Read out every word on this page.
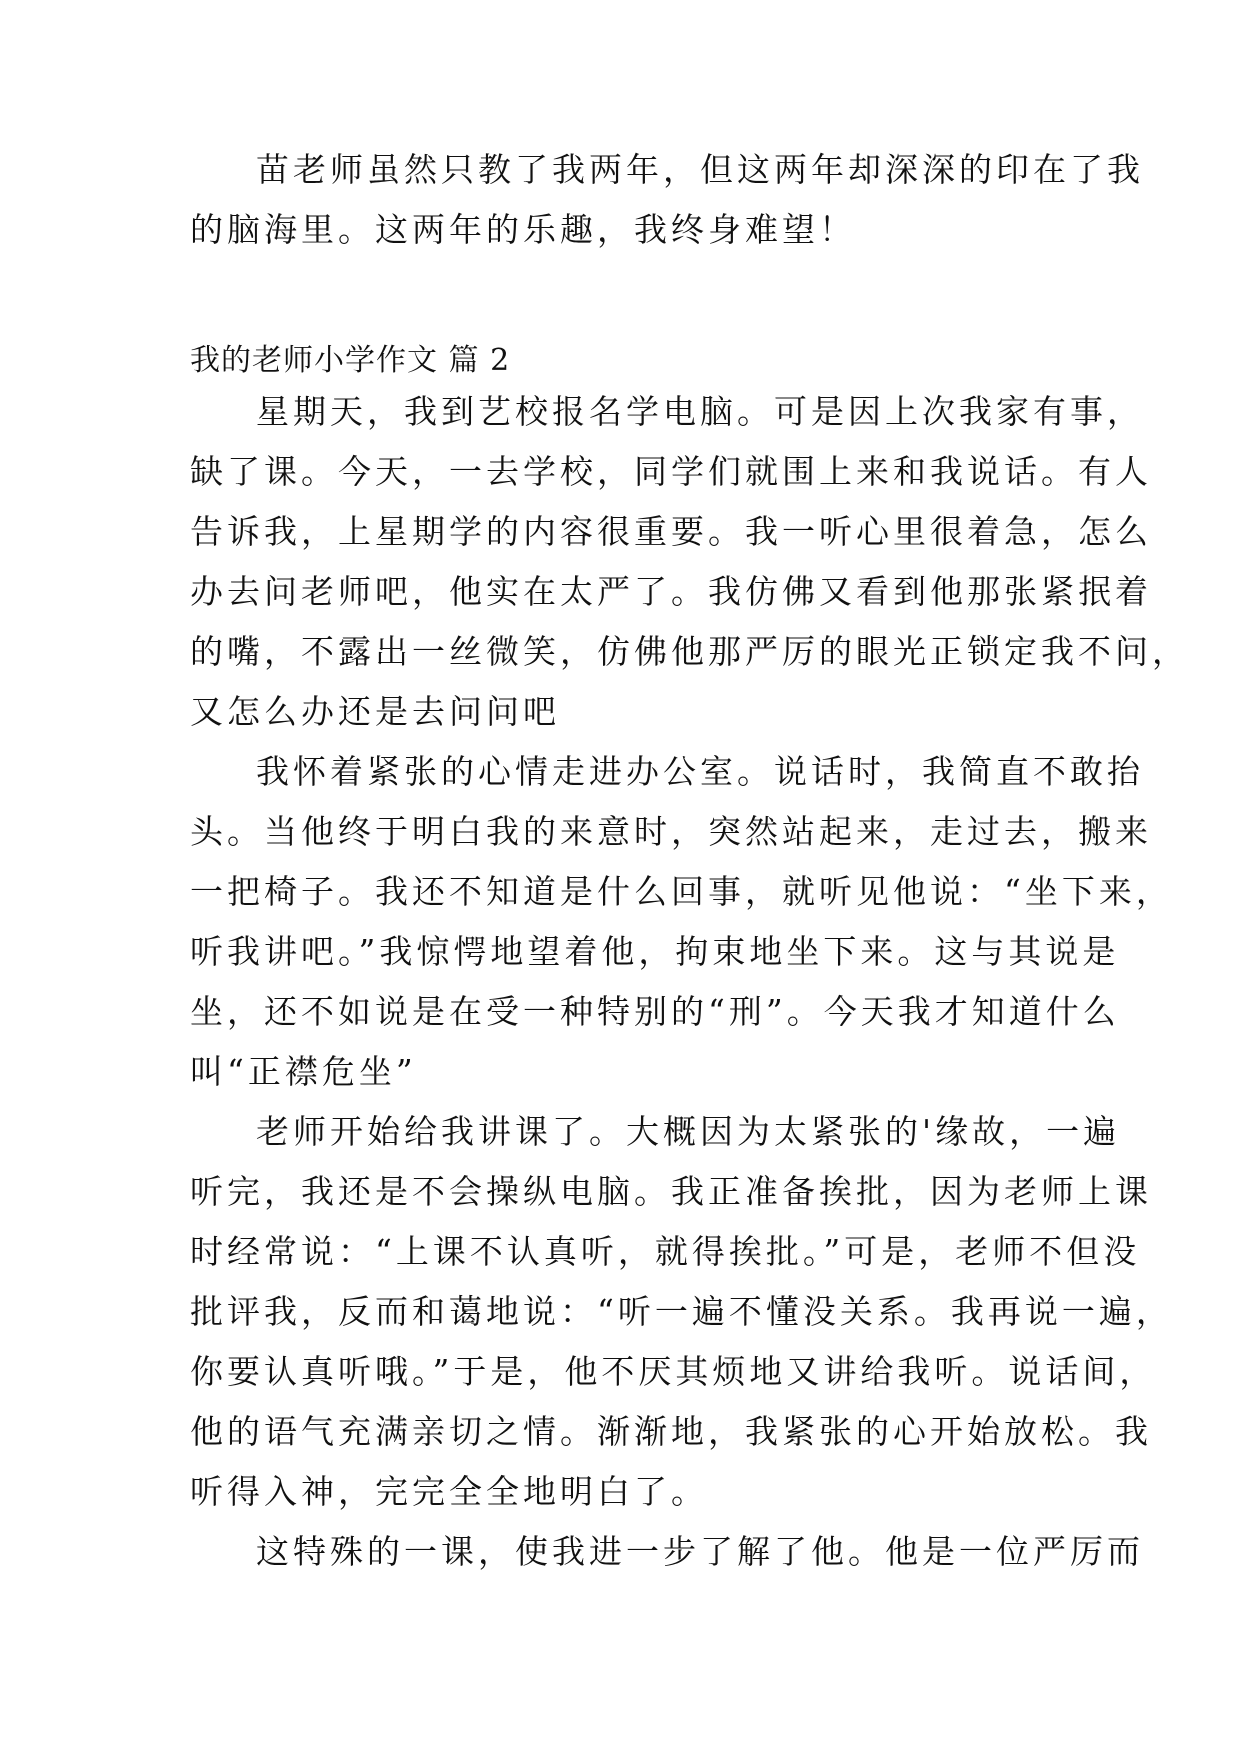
苗老师虽然只教了我两年，但这两年却深深的印在了我
的脑海里。这两年的乐趣，我终身难望！
我的老师小学作文 篇 2
星期天，我到艺校报名学电脑。可是因上次我家有事，
缺了课。今天，一去学校，同学们就围上来和我说话。有人
告诉我，上星期学的内容很重要。我一听心里很着急，怎么
办去问老师吧，他实在太严了。我仿佛又看到他那张紧抿着
的嘴，不露出一丝微笑，仿佛他那严厉的眼光正锁定我不问，
又怎么办还是去问问吧
我怀着紧张的心情走进办公室。说话时，我简直不敢抬
头。当他终于明白我的来意时，突然站起来，走过去，搬来
一把椅子。我还不知道是什么回事，就听见他说：“坐下来，
听我讲吧。”我惊愕地望着他，拘束地坐下来。这与其说是
坐，还不如说是在受一种特别的“刑”。今天我才知道什么
叫“正襟危坐”
老师开始给我讲课了。大概因为太紧张的'缘故，一遍
听完，我还是不会操纵电脑。我正准备挨批，因为老师上课
时经常说：“上课不认真听，就得挨批。”可是，老师不但没
批评我，反而和蔼地说：“听一遍不懂没关系。我再说一遍，
你要认真听哦。”于是，他不厌其烦地又讲给我听。说话间，
他的语气充满亲切之情。渐渐地，我紧张的心开始放松。我
听得入神，完完全全地明白了。
这特殊的一课，使我进一步了解了他。他是一位严厉而
